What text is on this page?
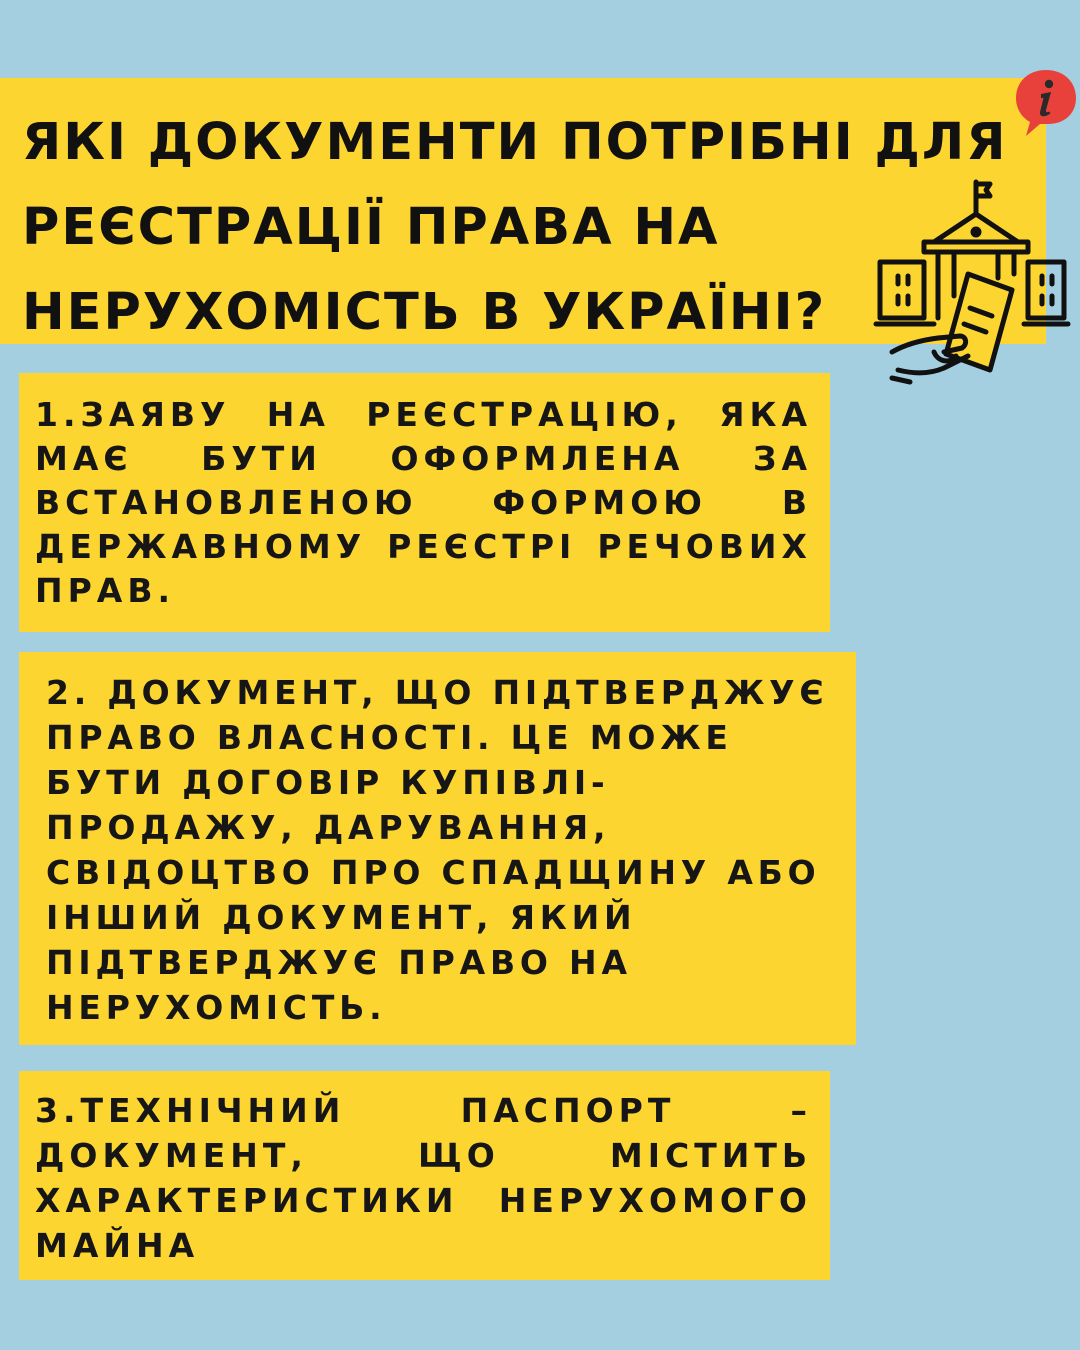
ЯКІ ДОКУМЕНТИ ПОТРІБНІ ДЛЯ
РЕЄСТРАЦІЇ ПРАВА НА
НЕРУХОМІСТЬ В УКРАЇНІ?

1.ЗАЯВУ НА РЕЄСТРАЦІЮ, ЯКА
МАЄ БУТИ ОФОРМЛЕНА ЗА
ВСТАНОВЛЕНОЮ ФОРМОЮ В
ДЕРЖАВНОМУ РЕЄСТРІ РЕЧОВИХ
ПРАВ.

2. ДОКУМЕНТ, ЩО ПІДТВЕРДЖУЄ
ПРАВО ВЛАСНОСТІ. ЦЕ МОЖЕ
БУТИ ДОГОВІР КУПІВЛІ-
ПРОДАЖУ, ДАРУВАННЯ,
СВІДОЦТВО ПРО СПАДЩИНУ АБО
ІНШИЙ ДОКУМЕНТ, ЯКИЙ
ПІДТВЕРДЖУЄ ПРАВО НА
НЕРУХОМІСТЬ.

3.ТЕХНІЧНИЙ ПАСПОРТ –
ДОКУМЕНТ, ЩО МІСТИТЬ
ХАРАКТЕРИСТИКИ НЕРУХОМОГО
МАЙНА
